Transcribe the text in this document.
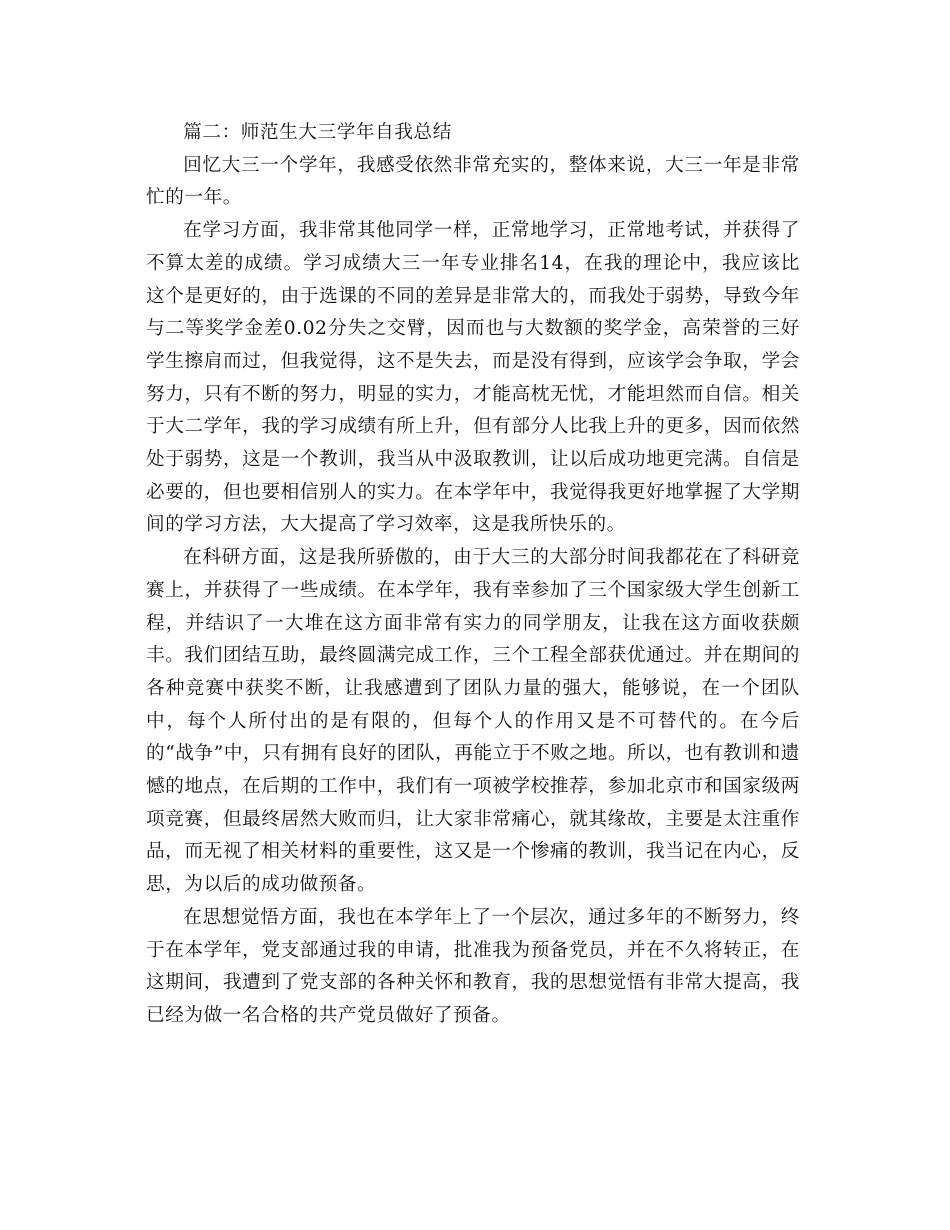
篇二：师范生大三学年自我总结

回忆大三一个学年，我感受依然非常充实的，整体来说，大三一年是非常忙的一年。

在学习方面，我非常其他同学一样，正常地学习，正常地考试，并获得了不算太差的成绩。学习成绩大三一年专业排名14，在我的理论中，我应该比这个是更好的，由于选课的不同的差异是非常大的，而我处于弱势，导致今年与二等奖学金差0.02分失之交臂，因而也与大数额的奖学金，高荣誉的三好学生擦肩而过，但我觉得，这不是失去，而是没有得到，应该学会争取，学会努力，只有不断的努力，明显的实力，才能高枕无忧，才能坦然而自信。相关于大二学年，我的学习成绩有所上升，但有部分人比我上升的更多，因而依然处于弱势，这是一个教训，我当从中汲取教训，让以后成功地更完满。自信是必要的，但也要相信别人的实力。在本学年中，我觉得我更好地掌握了大学期间的学习方法，大大提高了学习效率，这是我所快乐的。

在科研方面，这是我所骄傲的，由于大三的大部分时间我都花在了科研竞赛上，并获得了一些成绩。在本学年，我有幸参加了三个国家级大学生创新工程，并结识了一大堆在这方面非常有实力的同学朋友，让我在这方面收获颇丰。我们团结互助，最终圆满完成工作，三个工程全部获优通过。并在期间的各种竞赛中获奖不断，让我感遭到了团队力量的强大，能够说，在一个团队中，每个人所付出的是有限的，但每个人的作用又是不可替代的。在今后的“战争”中，只有拥有良好的团队，再能立于不败之地。所以，也有教训和遗憾的地点，在后期的工作中，我们有一项被学校推荐，参加北京市和国家级两项竞赛，但最终居然大败而归，让大家非常痛心，就其缘故，主要是太注重作品，而无视了相关材料的重要性，这又是一个惨痛的教训，我当记在内心，反思，为以后的成功做预备。

在思想觉悟方面，我也在本学年上了一个层次，通过多年的不断努力，终于在本学年，党支部通过我的申请，批准我为预备党员，并在不久将转正，在这期间，我遭到了党支部的各种关怀和教育，我的思想觉悟有非常大提高，我已经为做一名合格的共产党员做好了预备。
